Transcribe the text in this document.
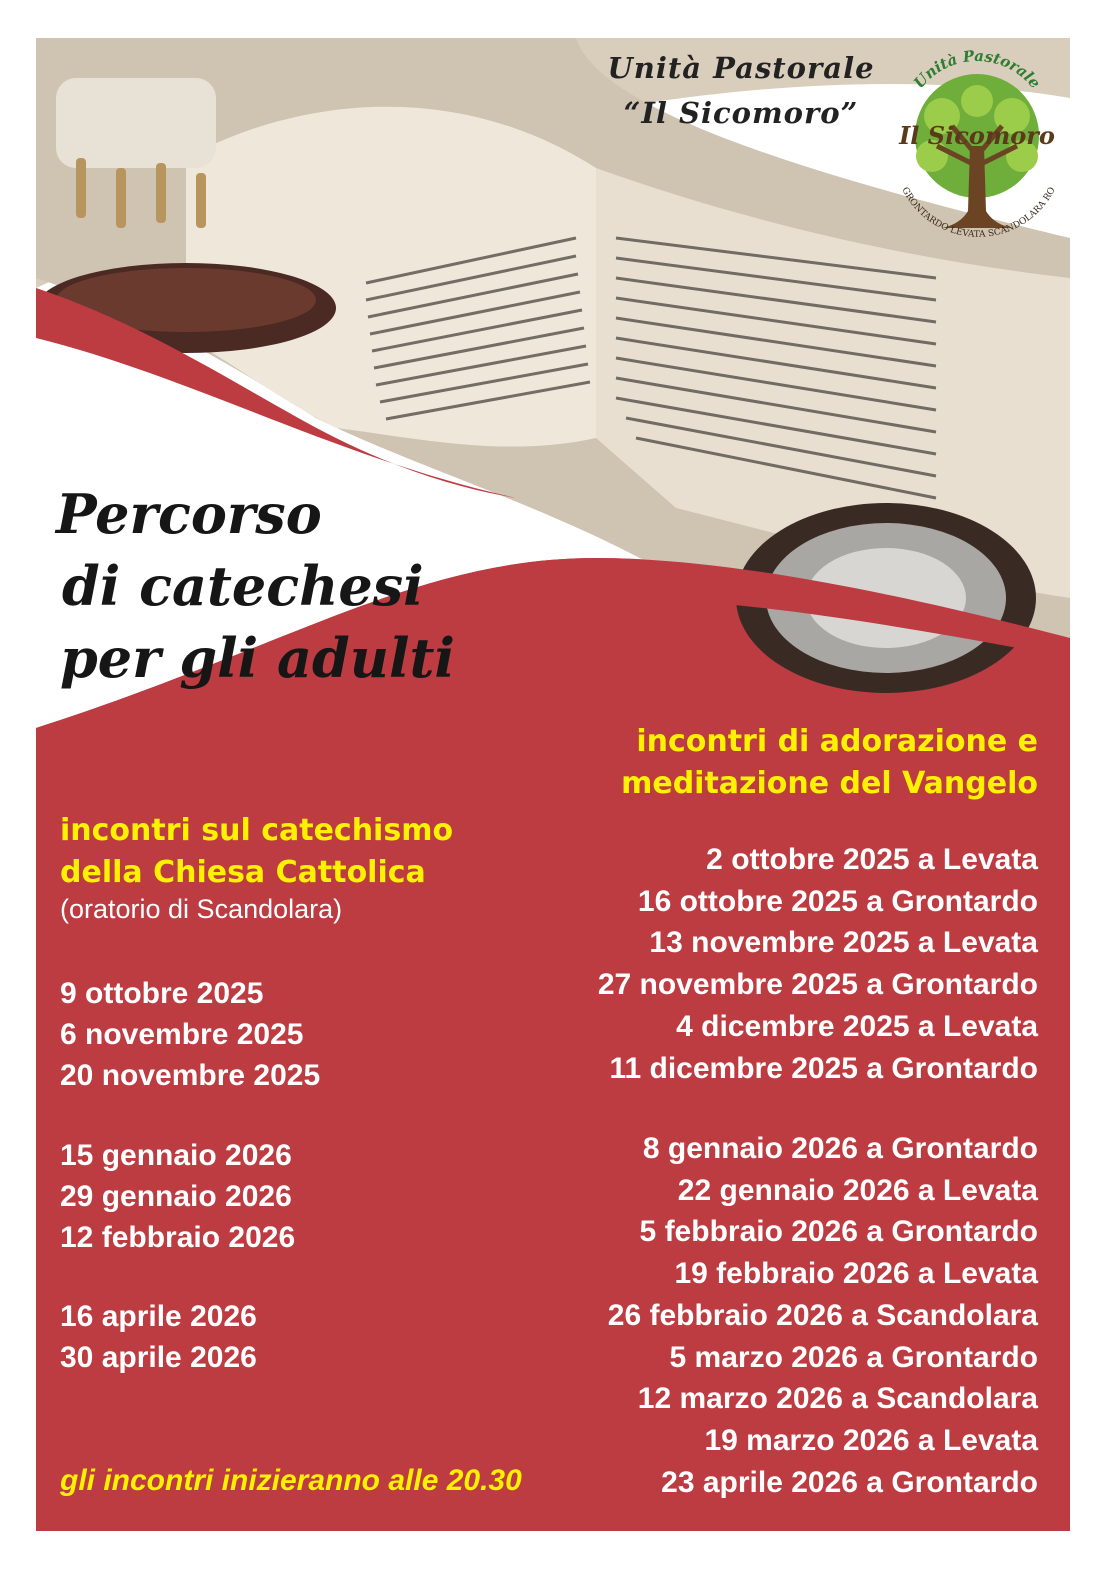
Unità Pastorale
“Il Sicomoro”
Unità Pastorale
Il Sicomoro
GRONTARDO LEVATA SCANDOLARA RO
Percorso
di catechesi
per gli adulti
incontri di adorazione e
meditazione del Vangelo
incontri sul catechismo
della Chiesa Cattolica
(oratorio di Scandolara)
9 ottobre 2025
6 novembre 2025
20 novembre 2025
15 gennaio 2026
29 gennaio 2026
12 febbraio 2026
16 aprile 2026
30 aprile 2026
2 ottobre 2025 a Levata
16 ottobre 2025 a Grontardo
13 novembre 2025 a Levata
27 novembre 2025 a Grontardo
4 dicembre 2025 a Levata
11 dicembre 2025 a Grontardo
8 gennaio 2026 a Grontardo
22 gennaio 2026 a Levata
5 febbraio 2026 a Grontardo
19 febbraio 2026 a Levata
26 febbraio 2026 a Scandolara
5 marzo 2026 a Grontardo
12 marzo 2026 a Scandolara
19 marzo 2026 a Levata
23 aprile 2026 a Grontardo
gli incontri inizieranno alle 20.30
